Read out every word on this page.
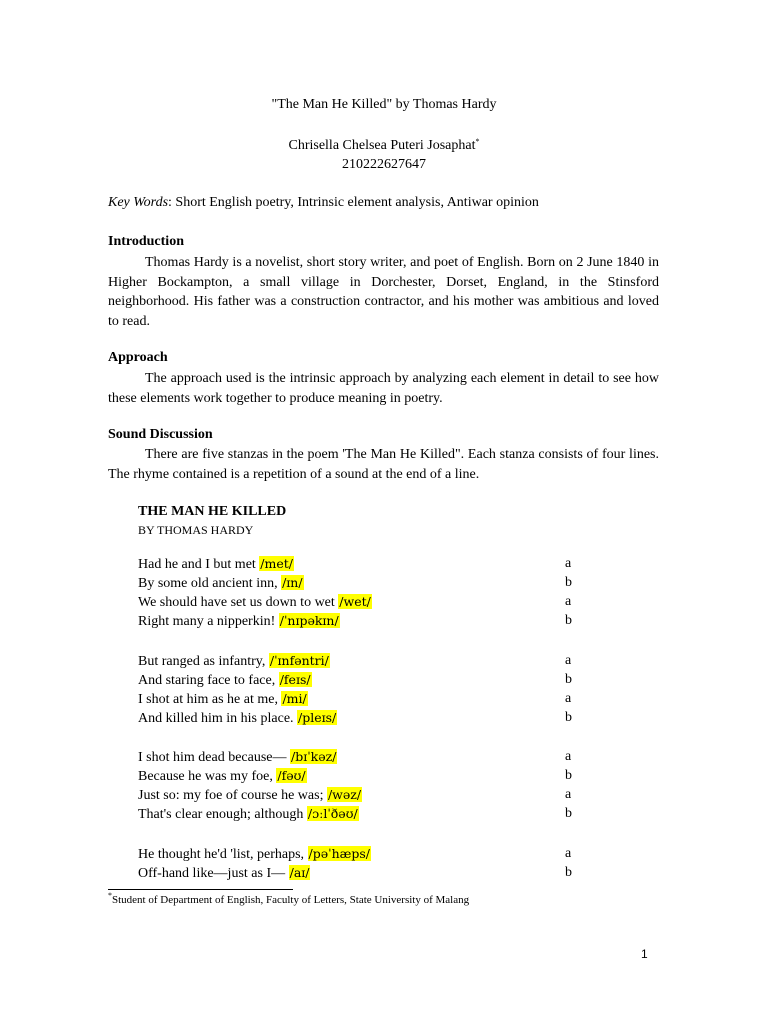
"The Man He Killed" by Thomas Hardy
Chrisella Chelsea Puteri Josaphat*
210222627647
Key Words: Short English poetry, Intrinsic element analysis, Antiwar opinion
Introduction
Thomas Hardy is a novelist, short story writer, and poet of English. Born on 2 June 1840 in Higher Bockampton, a small village in Dorchester, Dorset, England, in the Stinsford neighborhood. His father was a construction contractor, and his mother was ambitious and loved to read.
Approach
The approach used is the intrinsic approach by analyzing each element in detail to see how these elements work together to produce meaning in poetry.
Sound Discussion
There are five stanzas in the poem 'The Man He Killed". Each stanza consists of four lines. The rhyme contained is a repetition of a sound at the end of a line.
THE MAN HE KILLED
BY THOMAS HARDY
Had he and I but met /met/	a
By some old ancient inn, /ɪn/	b
We should have set us down to wet /wet/	a
Right many a nipperkin! /ˈnɪpəkɪn/	b
But ranged as infantry, /ˈɪnfəntri/	a
And staring face to face, /feɪs/	b
I shot at him as he at me, /mi/	a
And killed him in his place. /pleɪs/	b
I shot him dead because— /bɪˈkəz/	a
Because he was my foe, /fəʊ/	b
Just so: my foe of course he was; /wəz/	a
That's clear enough; although /ɔːlˈðəʊ/	b
He thought he'd 'list, perhaps, /pəˈhæps/	a
Off-hand like—just as I— /aɪ/	b
*Student of Department of English, Faculty of Letters, State University of Malang
1
